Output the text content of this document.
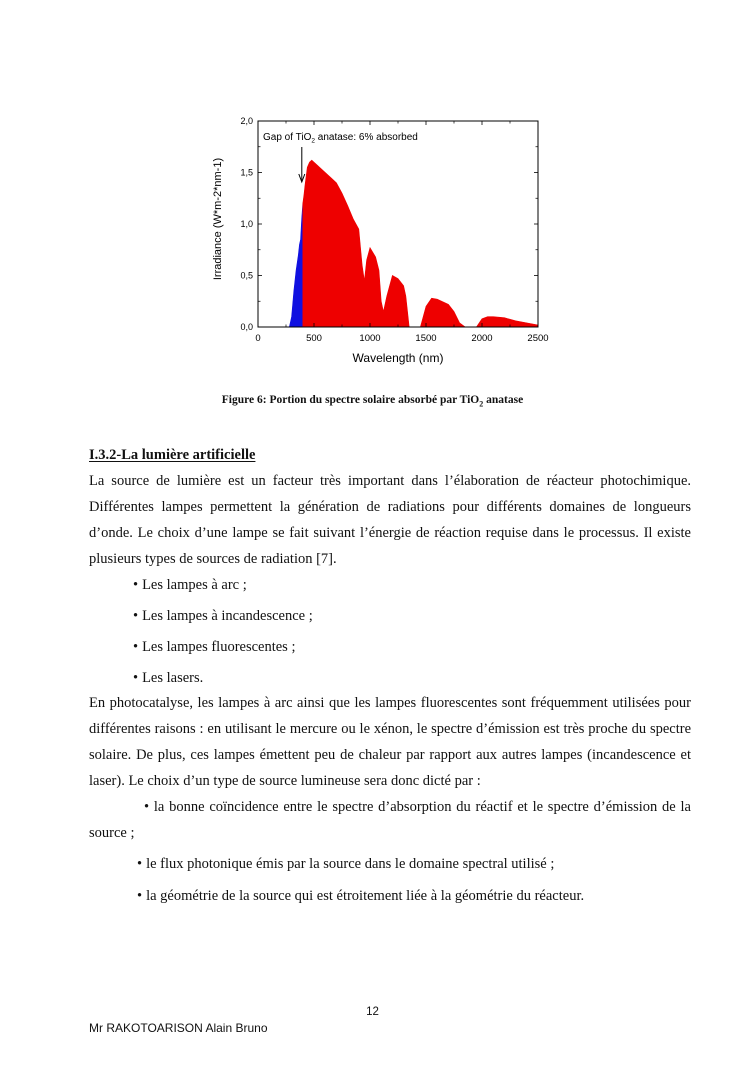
0	500	1000	1500	2000	2500
0,0
0,5
1,0
1,5
2,0
Wavelength (nm)
Irradiance (W*m-2*nm-1)
Gap of TiO$_2$ anatase: 6% absorbed
Figure 6: Portion du spectre solaire absorbé par TiO$_2$ anatase
I.3.2-La lumière artificielle

La source de lumière est un facteur très important dans l’élaboration de réacteur photochimique. Différentes lampes permettent la génération de radiations pour différents domaines de longueurs d’onde. Le choix d’une lampe se fait suivant l’énergie de réaction requise dans le processus. Il existe plusieurs types de sources de radiation [7].

• Les lampes à arc ;
• Les lampes à incandescence ;
• Les lampes fluorescentes ;
• Les lasers.

En photocatalyse, les lampes à arc ainsi que les lampes fluorescentes sont fréquemment utilisées pour différentes raisons : en utilisant le mercure ou le xénon, le spectre d’émission est très proche du spectre solaire. De plus, ces lampes émettent peu de chaleur par rapport aux autres lampes (incandescence et laser). Le choix d’un type de source lumineuse sera donc dicté par :

• la bonne coïncidence entre le spectre d’absorption du réactif et le spectre d’émission de la source ;

• le flux photonique émis par la source dans le domaine spectral utilisé ;
• la géométrie de la source qui est étroitement liée à la géométrie du réacteur.
12
Mr RAKOTOARISON Alain Bruno
